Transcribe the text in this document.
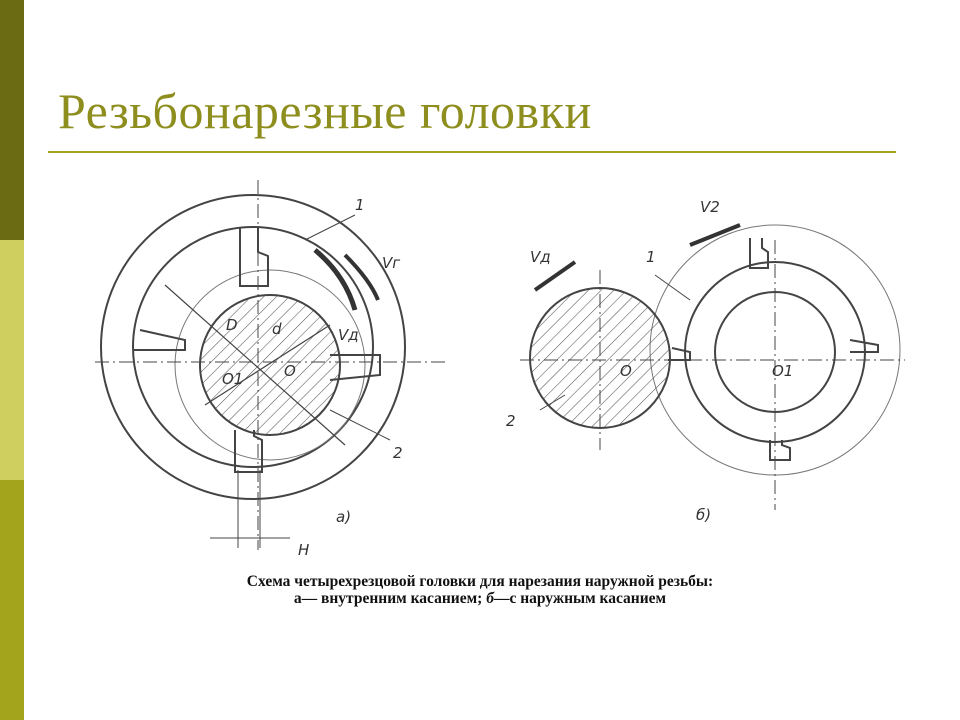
Резьбонарезные головки
1
Vг
Vд
D d
O
O1
2
а)
H
V2
Vд	1
O	O1
2
б)
Схема четырехрезцовой головки для нарезания наружной резьбы:
а— внутренним касанием; б—с наружным касанием
